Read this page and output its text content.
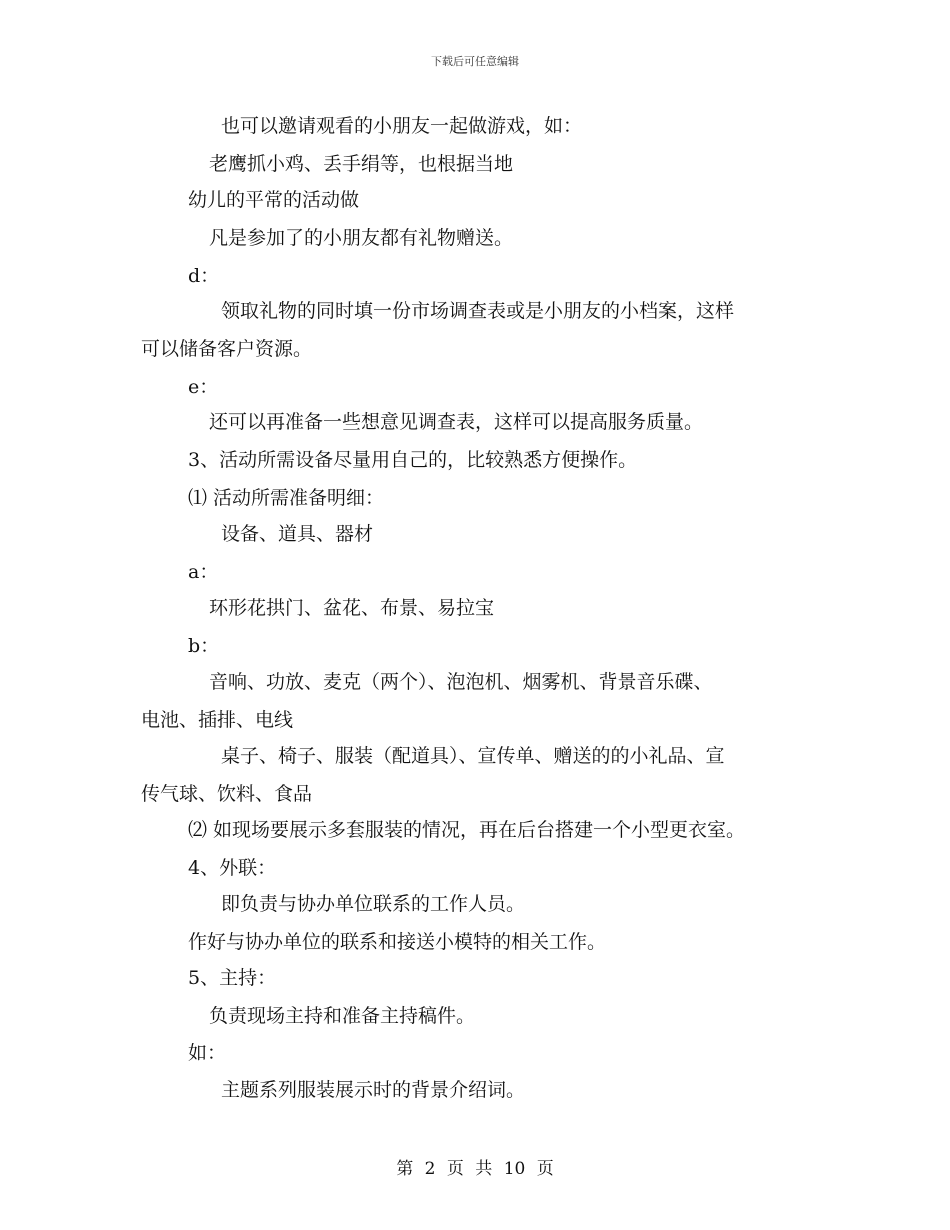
下载后可任意编辑
也可以邀请观看的小朋友一起做游戏，如：
老鹰抓小鸡、丢手绢等，也根据当地
幼儿的平常的活动做
凡是参加了的小朋友都有礼物赠送。
d：
领取礼物的同时填一份市场调查表或是小朋友的小档案，这样
可以储备客户资源。
e：
还可以再准备一些想意见调查表，这样可以提高服务质量。
3、活动所需设备尽量用自己的，比较熟悉方便操作。
⑴ 活动所需准备明细：
设备、道具、器材
a：
环形花拱门、盆花、布景、易拉宝
b：
音响、功放、麦克（两个）、泡泡机、烟雾机、背景音乐碟、
电池、插排、电线
桌子、椅子、服装（配道具）、宣传单、赠送的的小礼品、宣
传气球、饮料、食品
⑵ 如现场要展示多套服装的情况，再在后台搭建一个小型更衣室。
4、外联：
即负责与协办单位联系的工作人员。
作好与协办单位的联系和接送小模特的相关工作。
5、主持：
负责现场主持和准备主持稿件。
如：
主题系列服装展示时的背景介绍词。
第 2 页 共 10 页
